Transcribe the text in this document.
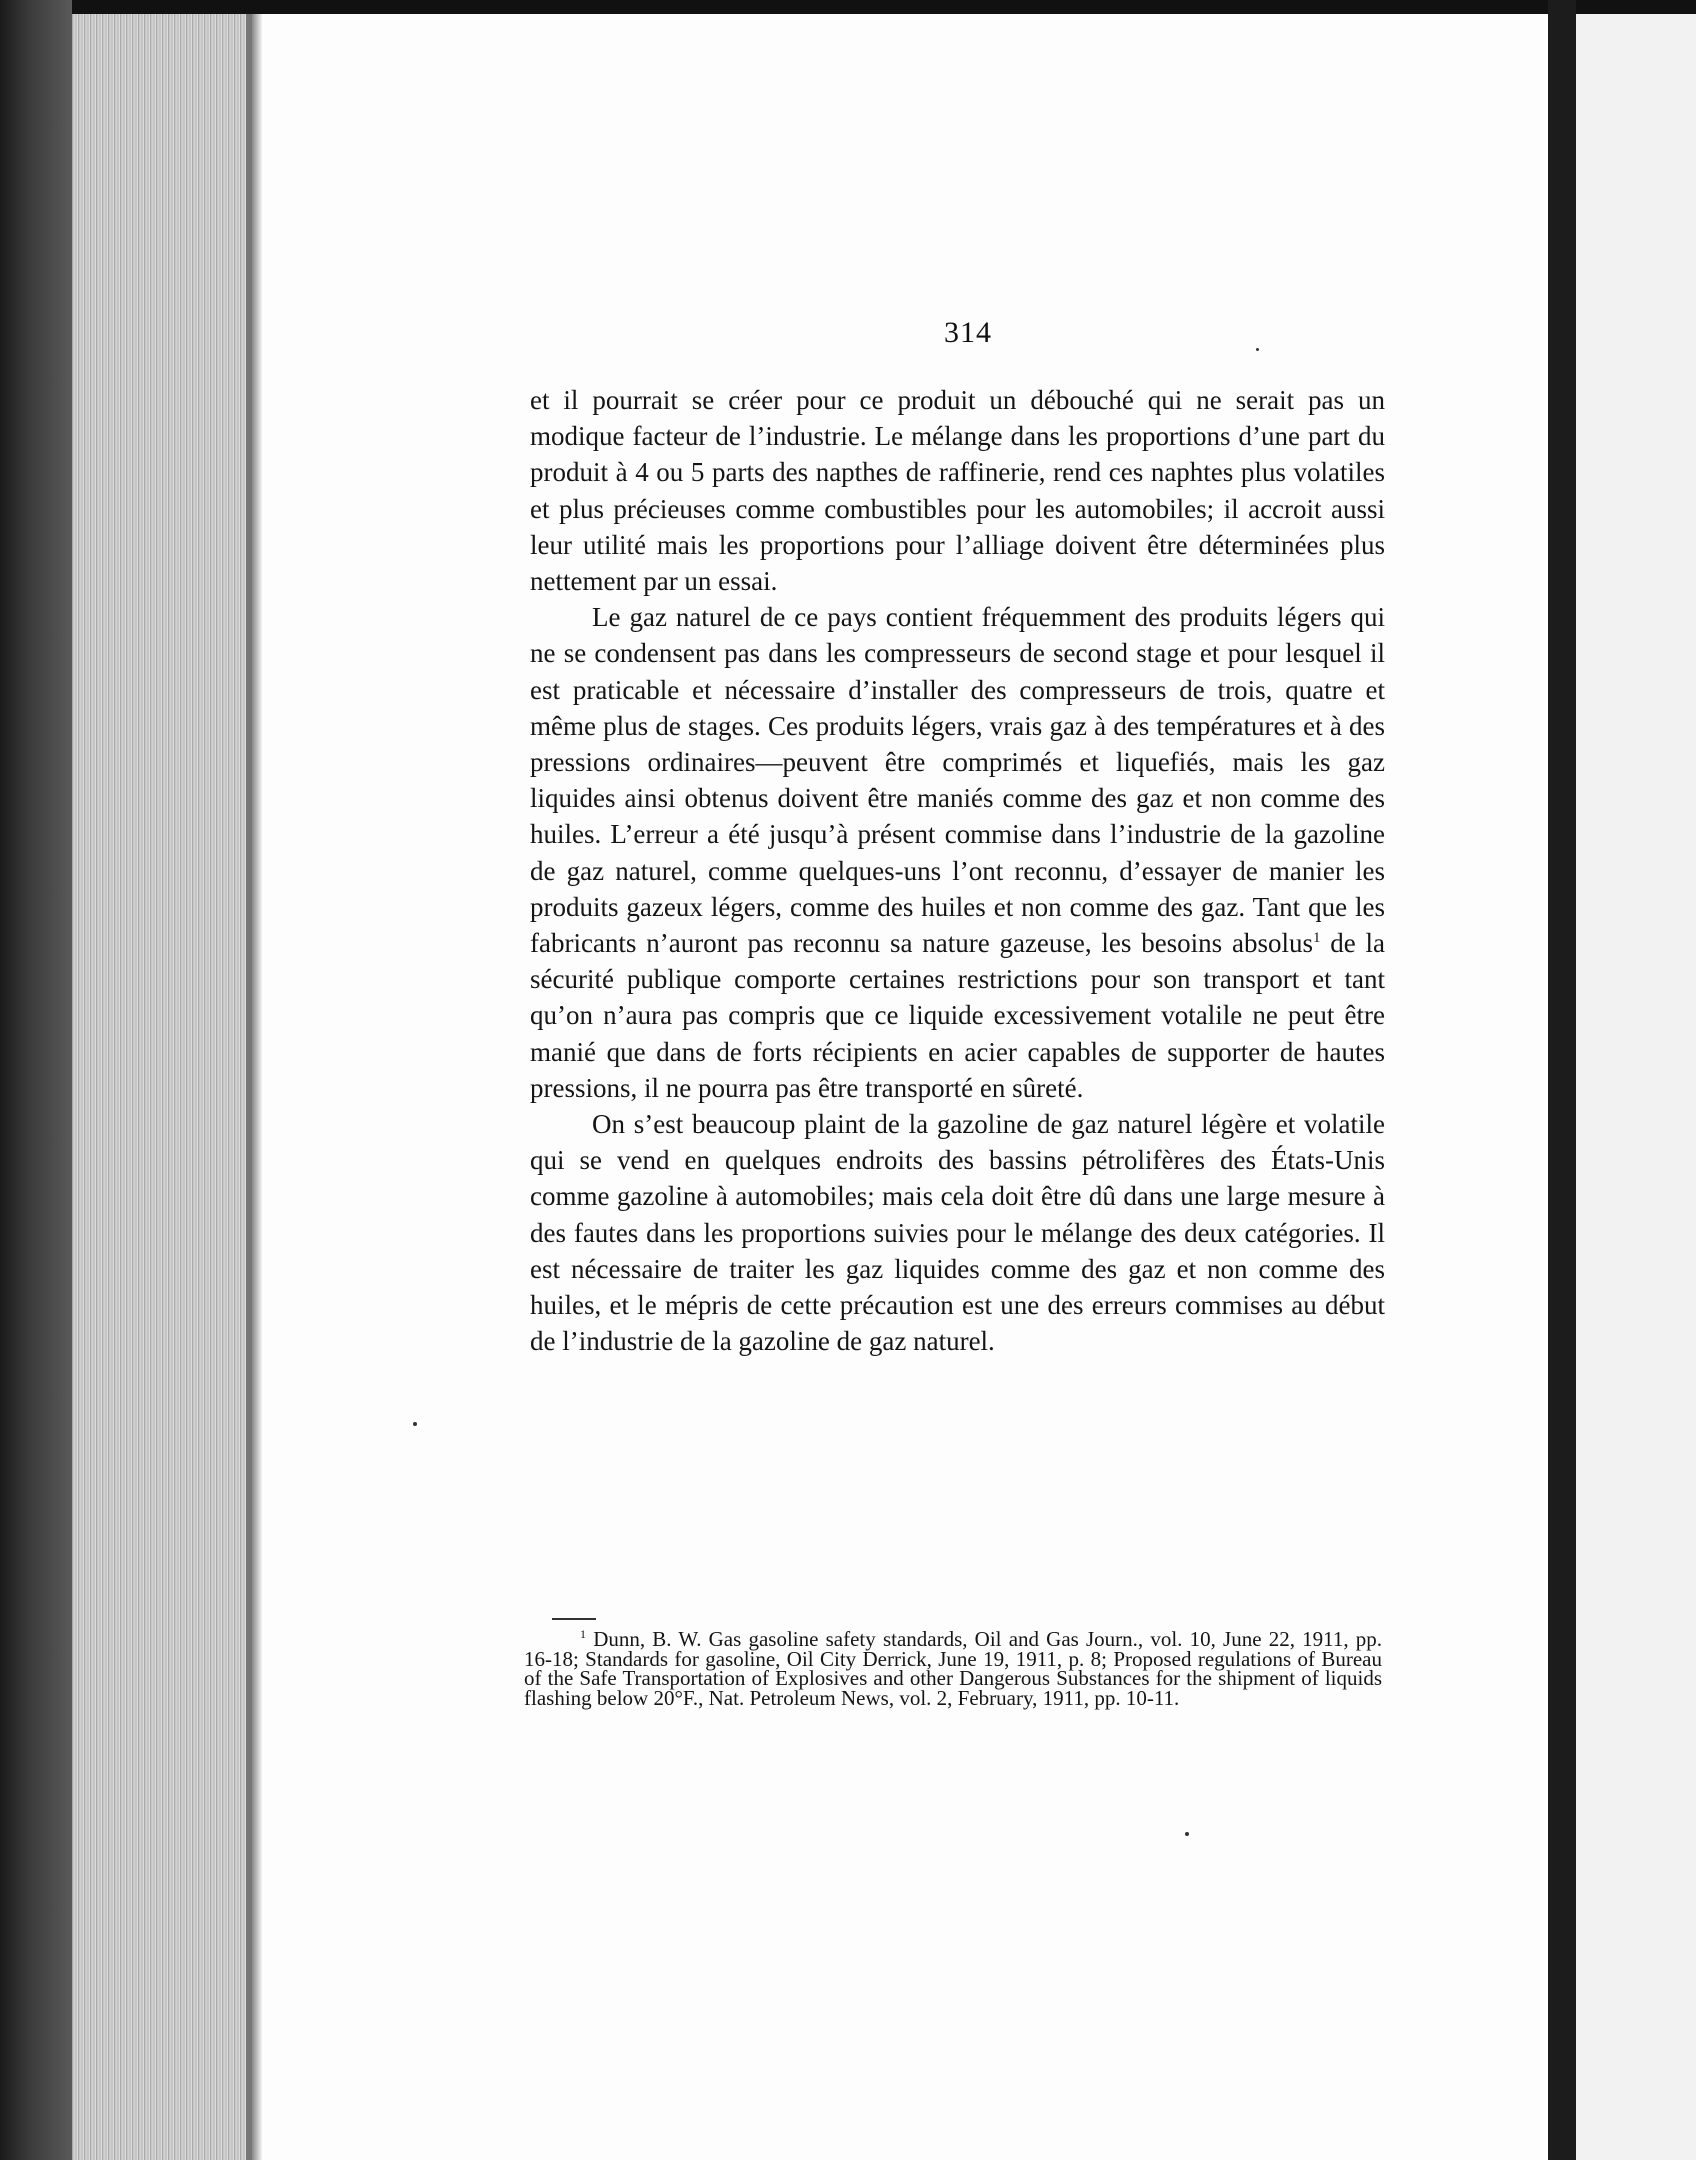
314

et il pourrait se créer pour ce produit un débouché qui ne serait pas un modique facteur de l’industrie. Le mélange dans les proportions d’une part du produit à 4 ou 5 parts des napthes de raffinerie, rend ces naphtes plus volatiles et plus précieuses comme combustibles pour les automobiles; il accroit aussi leur utilité mais les proportions pour l’alliage doivent être déterminées plus nettement par un essai.

Le gaz naturel de ce pays contient fréquemment des produits légers qui ne se condensent pas dans les compresseurs de second stage et pour lesquel il est praticable et nécessaire d’installer des compresseurs de trois, quatre et même plus de stages. Ces produits légers, vrais gaz à des températures et à des pressions ordinaires—peuvent être comprimés et liquefiés, mais les gaz liquides ainsi obtenus doivent être maniés comme des gaz et non comme des huiles. L’erreur a été jusqu’à présent commise dans l’industrie de la gazoline de gaz naturel, comme quelques-uns l’ont reconnu, d’essayer de manier les produits gazeux légers, comme des huiles et non comme des gaz. Tant que les fabricants n’auront pas reconnu sa nature gazeuse, les besoins absolus$^1$ de la sécurité publique comporte certaines restrictions pour son transport et tant qu’on n’aura pas compris que ce liquide excessivement votalile ne peut être manié que dans de forts récipients en acier capables de supporter de hautes pressions, il ne pourra pas être transporté en sûreté.

On s’est beaucoup plaint de la gazoline de gaz naturel légère et volatile qui se vend en quelques endroits des bassins pétrolifères des États-Unis comme gazoline à automobiles; mais cela doit être dû dans une large mesure à des fautes dans les proportions suivies pour le mélange des deux catégories. Il est nécessaire de traiter les gaz liquides comme des gaz et non comme des huiles, et le mépris de cette précaution est une des erreurs commises au début de l’industrie de la gazoline de gaz naturel.

$^1$ Dunn, B. W. Gas gasoline safety standards, Oil and Gas Journ., vol. 10, June 22, 1911, pp. 16-18; Standards for gasoline, Oil City Derrick, June 19, 1911, p. 8; Proposed regulations of Bureau of the Safe Transportation of Explosives and other Dangerous Substances for the shipment of liquids flashing below 20°F., Nat. Petroleum News, vol. 2, February, 1911, pp. 10-11.
